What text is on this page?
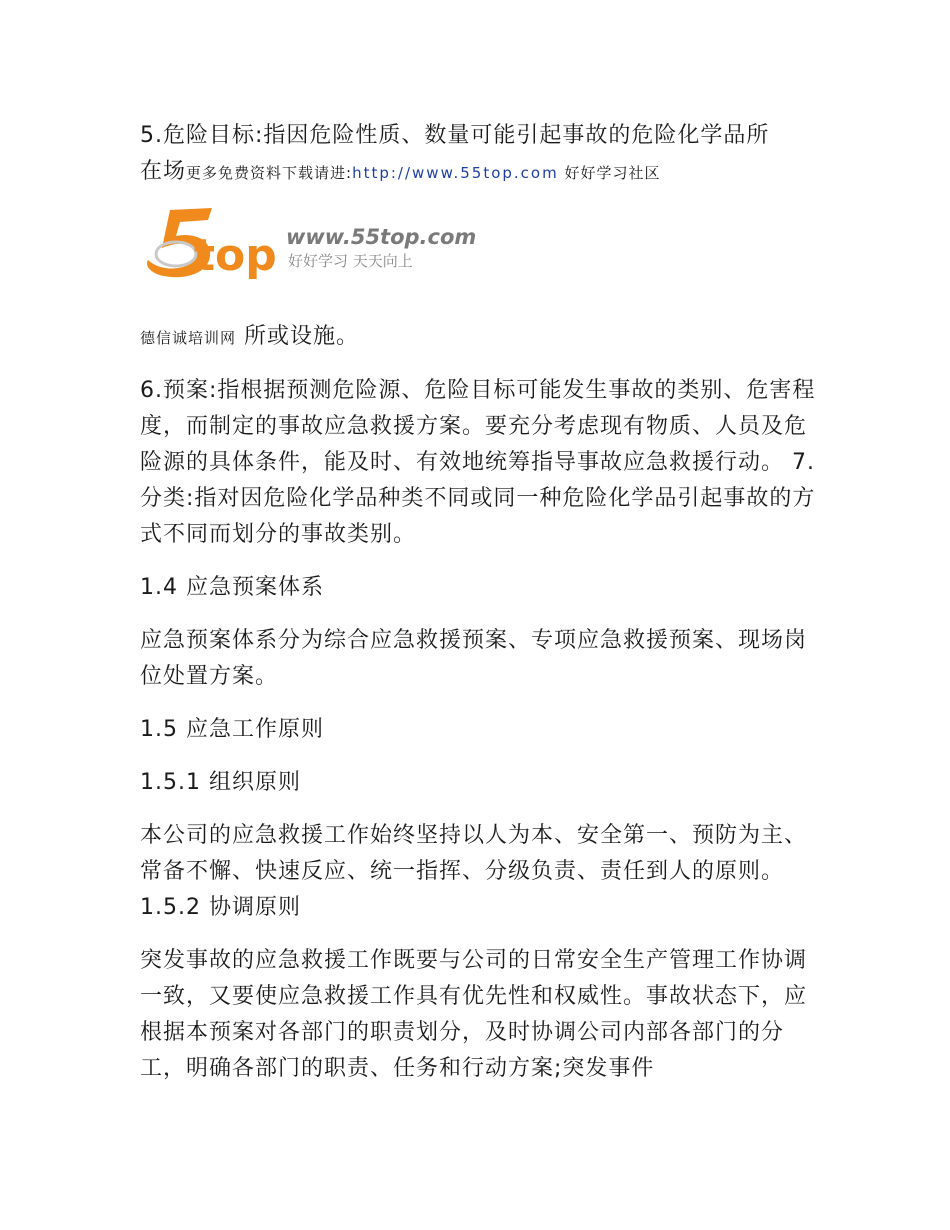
5.危险目标:指因危险性质、数量可能引起事故的危险化学品所
在场更多免费资料下载请进:http://www.55top.com 好好学习社区

德信诚培训网 所或设施。

6.预案:指根据预测危险源、危险目标可能发生事故的类别、危害程度，而制定的事故应急救援方案。要充分考虑现有物质、人员及危险源的具体条件，能及时、有效地统筹指导事故应急救援行动。 7.分类:指对因危险化学品种类不同或同一种危险化学品引起事故的方式不同而划分的事故类别。

1.4 应急预案体系

应急预案体系分为综合应急救援预案、专项应急救援预案、现场岗位处置方案。

1.5 应急工作原则

1.5.1 组织原则

本公司的应急救援工作始终坚持以人为本、安全第一、预防为主、常备不懈、快速反应、统一指挥、分级负责、责任到人的原则。 1.5.2 协调原则

突发事故的应急救援工作既要与公司的日常安全生产管理工作协调一致，又要使应急救援工作具有优先性和权威性。事故状态下，应根据本预案对各部门的职责划分，及时协调公司内部各部门的分工，明确各部门的职责、任务和行动方案;突发事件

top www.55top.com
好好学习 天天向上
